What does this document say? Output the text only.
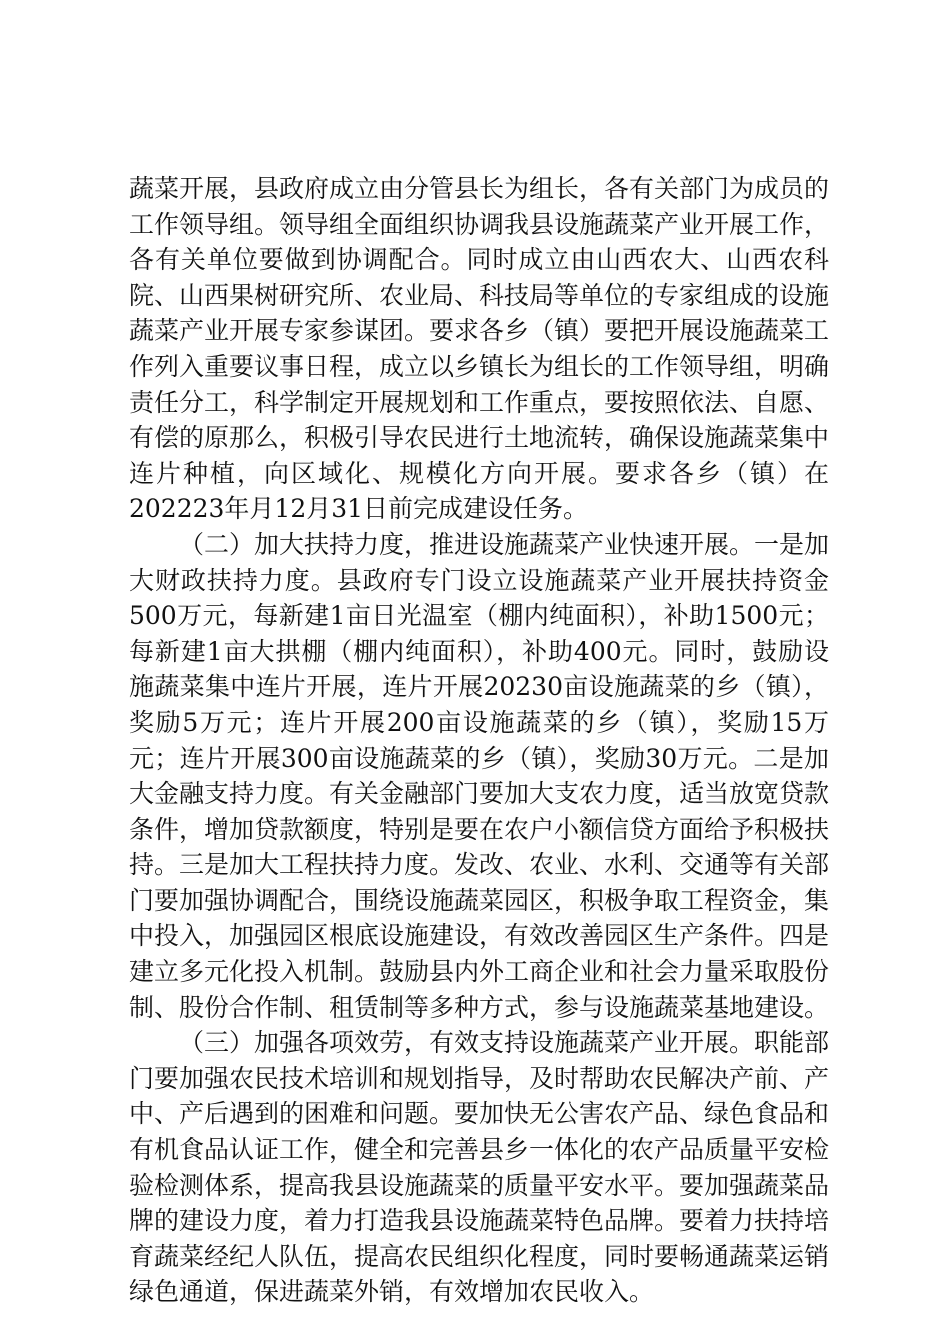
蔬菜开展，县政府成立由分管县长为组长，各有关部门为成员的工作领导组。领导组全面组织协调我县设施蔬菜产业开展工作，各有关单位要做到协调配合。同时成立由山西农大、山西农科院、山西果树研究所、农业局、科技局等单位的专家组成的设施蔬菜产业开展专家参谋团。要求各乡（镇）要把开展设施蔬菜工作列入重要议事日程，成立以乡镇长为组长的工作领导组，明确责任分工，科学制定开展规划和工作重点，要按照依法、自愿、有偿的原那么，积极引导农民进行土地流转，确保设施蔬菜集中连片种植，向区域化、规模化方向开展。要求各乡（镇）在202223年月12月31日前完成建设任务。

（二）加大扶持力度，推进设施蔬菜产业快速开展。一是加大财政扶持力度。县政府专门设立设施蔬菜产业开展扶持资金500万元，每新建1亩日光温室（棚内纯面积），补助1500元；每新建1亩大拱棚（棚内纯面积），补助400元。同时，鼓励设施蔬菜集中连片开展，连片开展20230亩设施蔬菜的乡（镇），奖励5万元；连片开展200亩设施蔬菜的乡（镇），奖励15万元；连片开展300亩设施蔬菜的乡（镇），奖励30万元。二是加大金融支持力度。有关金融部门要加大支农力度，适当放宽贷款条件，增加贷款额度，特别是要在农户小额信贷方面给予积极扶持。三是加大工程扶持力度。发改、农业、水利、交通等有关部门要加强协调配合，围绕设施蔬菜园区，积极争取工程资金，集中投入，加强园区根底设施建设，有效改善园区生产条件。四是建立多元化投入机制。鼓励县内外工商企业和社会力量采取股份制、股份合作制、租赁制等多种方式，参与设施蔬菜基地建设。

（三）加强各项效劳，有效支持设施蔬菜产业开展。职能部门要加强农民技术培训和规划指导，及时帮助农民解决产前、产中、产后遇到的困难和问题。要加快无公害农产品、绿色食品和有机食品认证工作，健全和完善县乡一体化的农产品质量平安检验检测体系，提高我县设施蔬菜的质量平安水平。要加强蔬菜品牌的建设力度，着力打造我县设施蔬菜特色品牌。要着力扶持培育蔬菜经纪人队伍，提高农民组织化程度，同时要畅通蔬菜运销绿色通道，保进蔬菜外销，有效增加农民收入。
